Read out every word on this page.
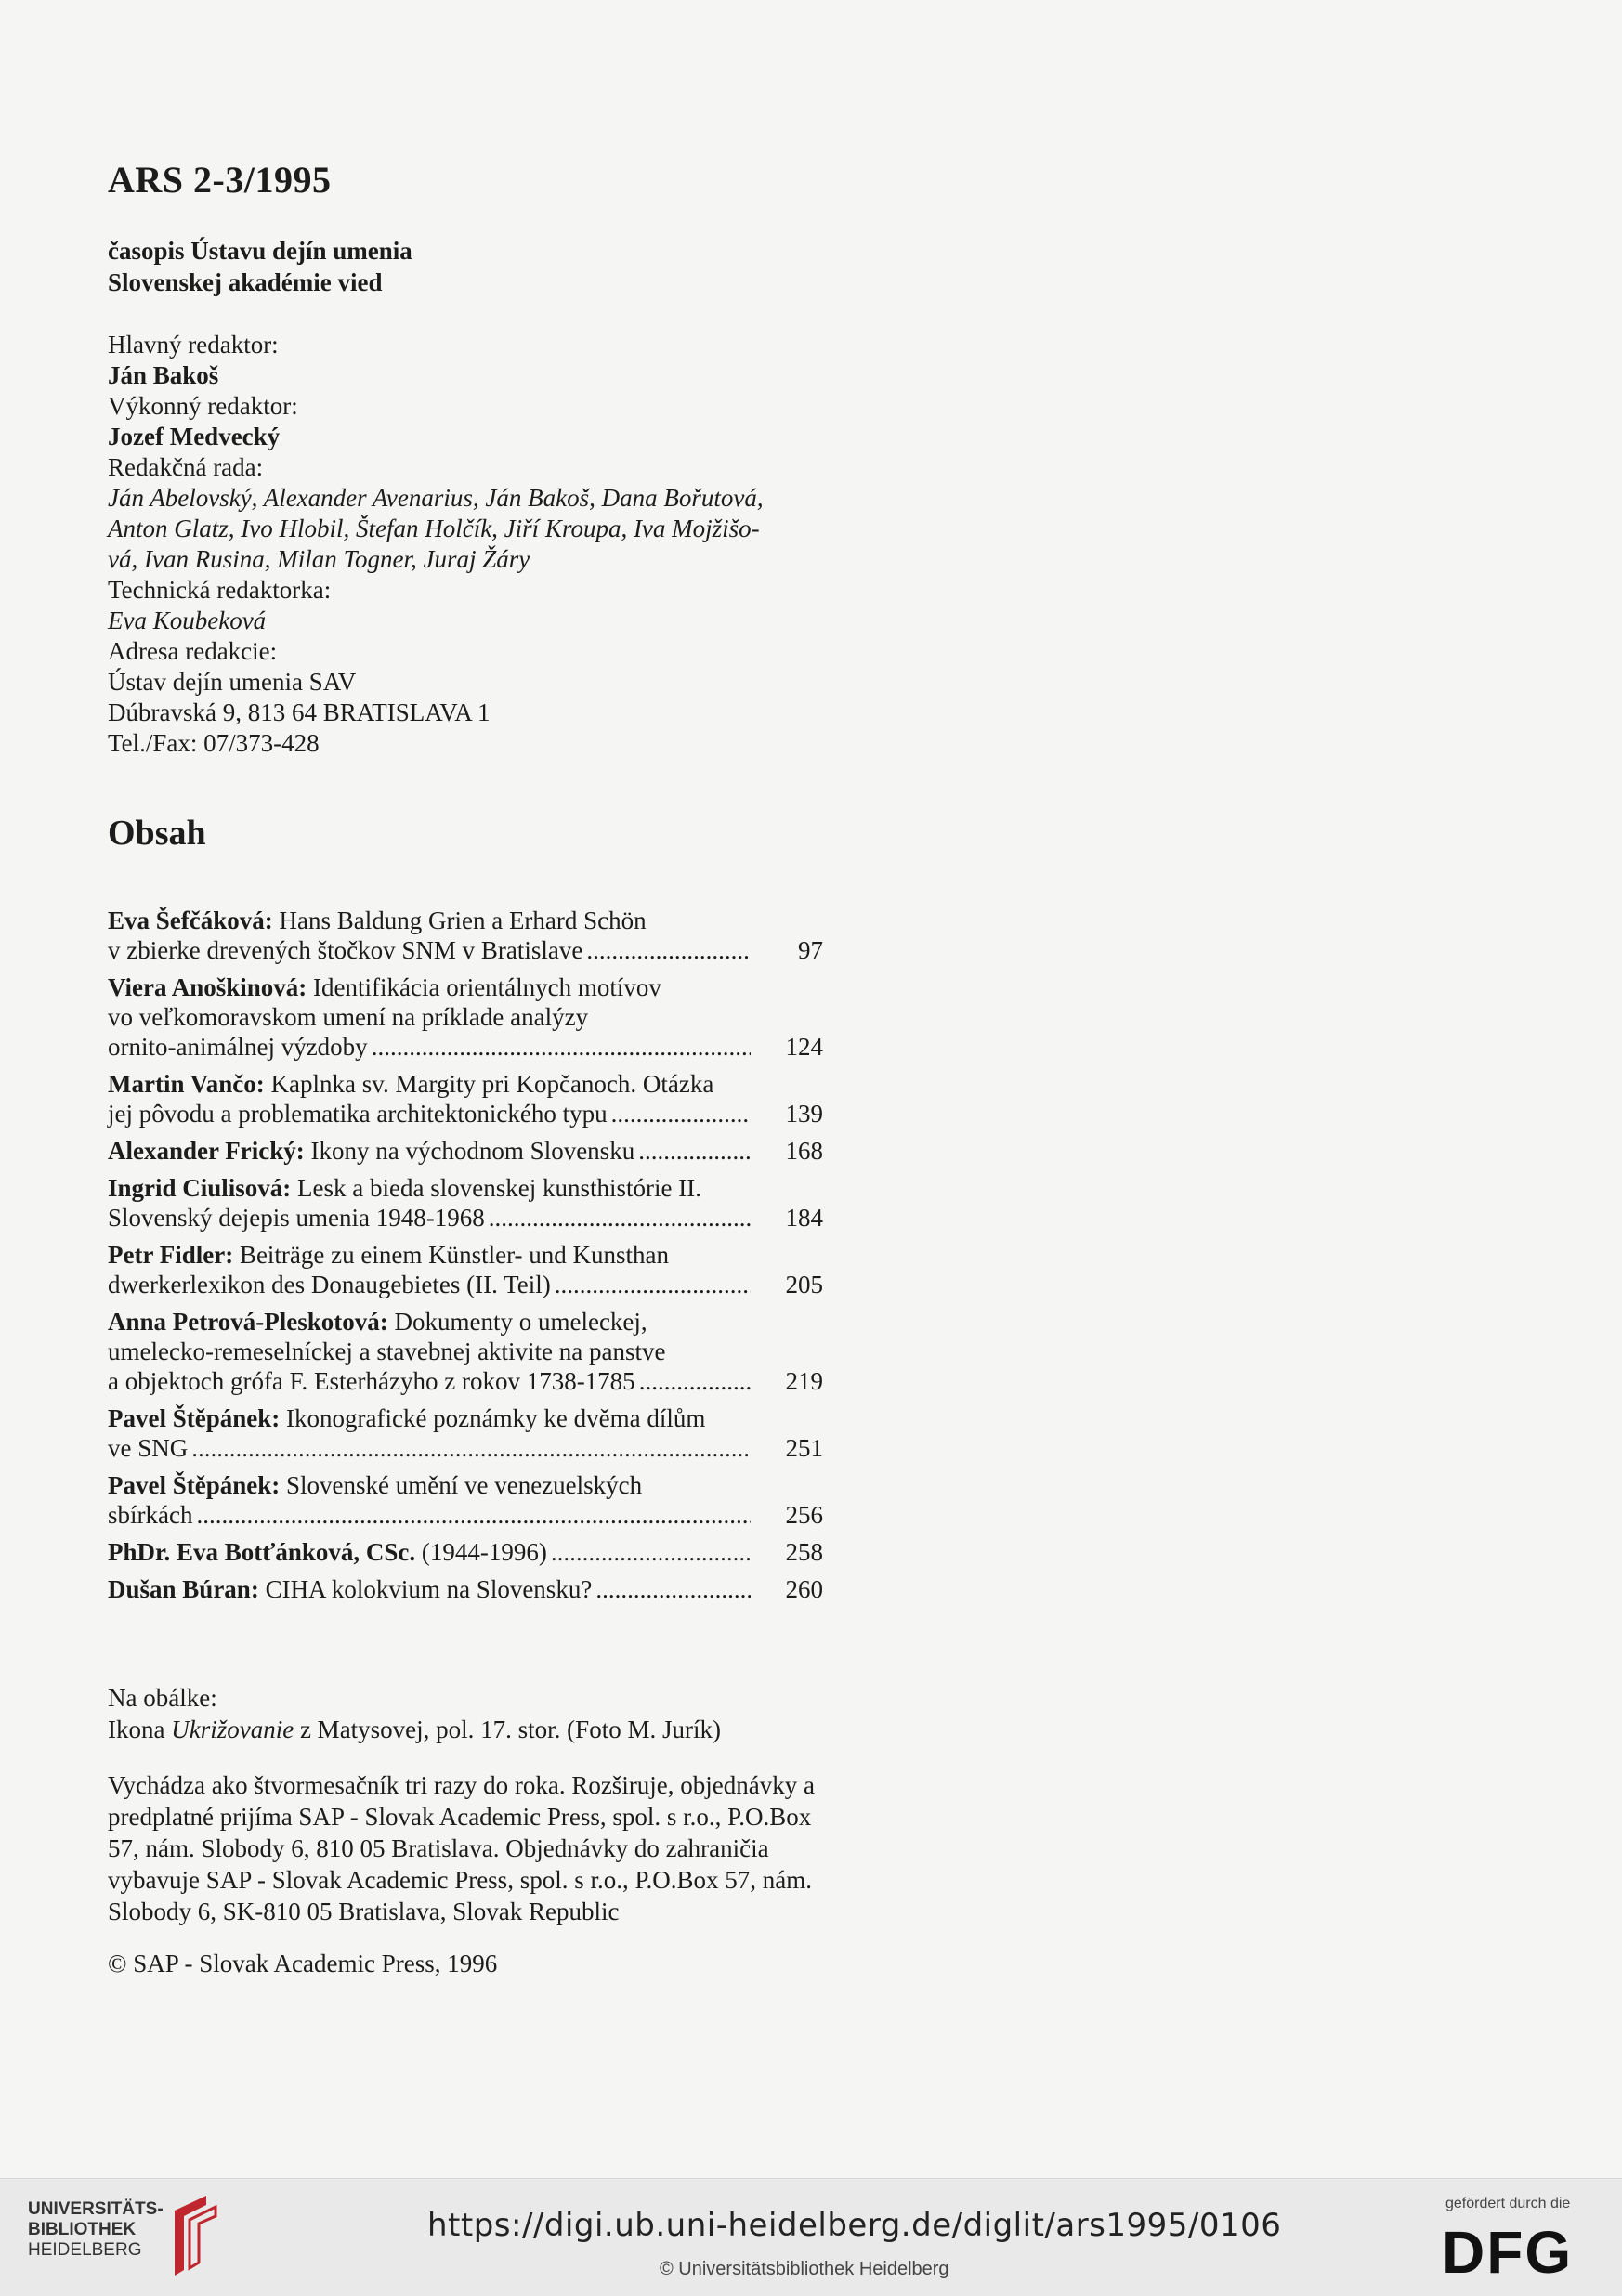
ARS 2-3/1995
časopis Ústavu dejín umenia
Slovenskej akadémie vied
Hlavný redaktor:
Ján Bakoš
Výkonný redaktor:
Jozef Medvecký
Redakčná rada:
Ján Abelovský, Alexander Avenarius, Ján Bakoš, Dana Bořutová,
Anton Glatz, Ivo Hlobil, Štefan Holčík, Jiří Kroupa, Iva Mojžišo-
vá, Ivan Rusina, Milan Togner, Juraj Žáry
Technická redaktorka:
Eva Koubeková
Adresa redakcie:
Ústav dejín umenia SAV
Dúbravská 9, 813 64 BRATISLAVA 1
Tel./Fax: 07/373-428
Obsah
Eva Šefčáková: Hans Baldung Grien a Erhard Schön
v zbierke drevených štočkov SNM v Bratislave .....	97
Viera Anoškinová: Identifikácia orientálnych motívov
vo veľkomoravskom umení na príklade analýzy
ornito-animálnej výzdoby .....	124
Martin Vančo: Kaplnka sv. Margity pri Kopčanoch. Otázka
jej pôvodu a problematika architektonického typu .....	139
Alexander Frický: Ikony na východnom Slovensku .....	168
Ingrid Ciulisová: Lesk a bieda slovenskej kunsthistórie II.
Slovenský dejepis umenia 1948-1968 .....	184
Petr Fidler: Beiträge zu einem Künstler- und Kunsthan
dwerkerlexikon des Donaugebietes (II. Teil) .....	205
Anna Petrová-Pleskotová: Dokumenty o umeleckej,
umelecko-remeselníckej a stavebnej aktivite na panstve
a objektoch grófa F. Esterházyho z rokov 1738-1785 .....	219
Pavel Štěpánek: Ikonografické poznámky ke dvěma dílům
ve SNG .....	251
Pavel Štěpánek: Slovenské umění ve venezuelských
sbírkách .....	256
PhDr. Eva Botťánková, CSc. (1944-1996) .....	258
Dušan Búran: CIHA kolokvium na Slovensku? .....	260
Na obálke:
Ikona Ukrižovanie z Matysovej, pol. 17. stor. (Foto M. Jurík)
Vychádza ako štvormesačník tri razy do roka. Rozširuje, objednávky a predplatné prijíma SAP - Slovak Academic Press, spol. s r.o., P.O.Box 57, nám. Slobody 6, 810 05 Bratislava. Objednávky do zahraničia vybavuje SAP - Slovak Academic Press, spol. s r.o., P.O.Box 57, nám. Slobody 6, SK-810 05 Bratislava, Slovak Republic
© SAP - Slovak Academic Press, 1996
UNIVERSITÄTS-
BIBLIOTHEK
HEIDELBERG
https://digi.ub.uni-heidelberg.de/diglit/ars1995/0106
© Universitätsbibliothek Heidelberg
gefördert durch die
DFG
